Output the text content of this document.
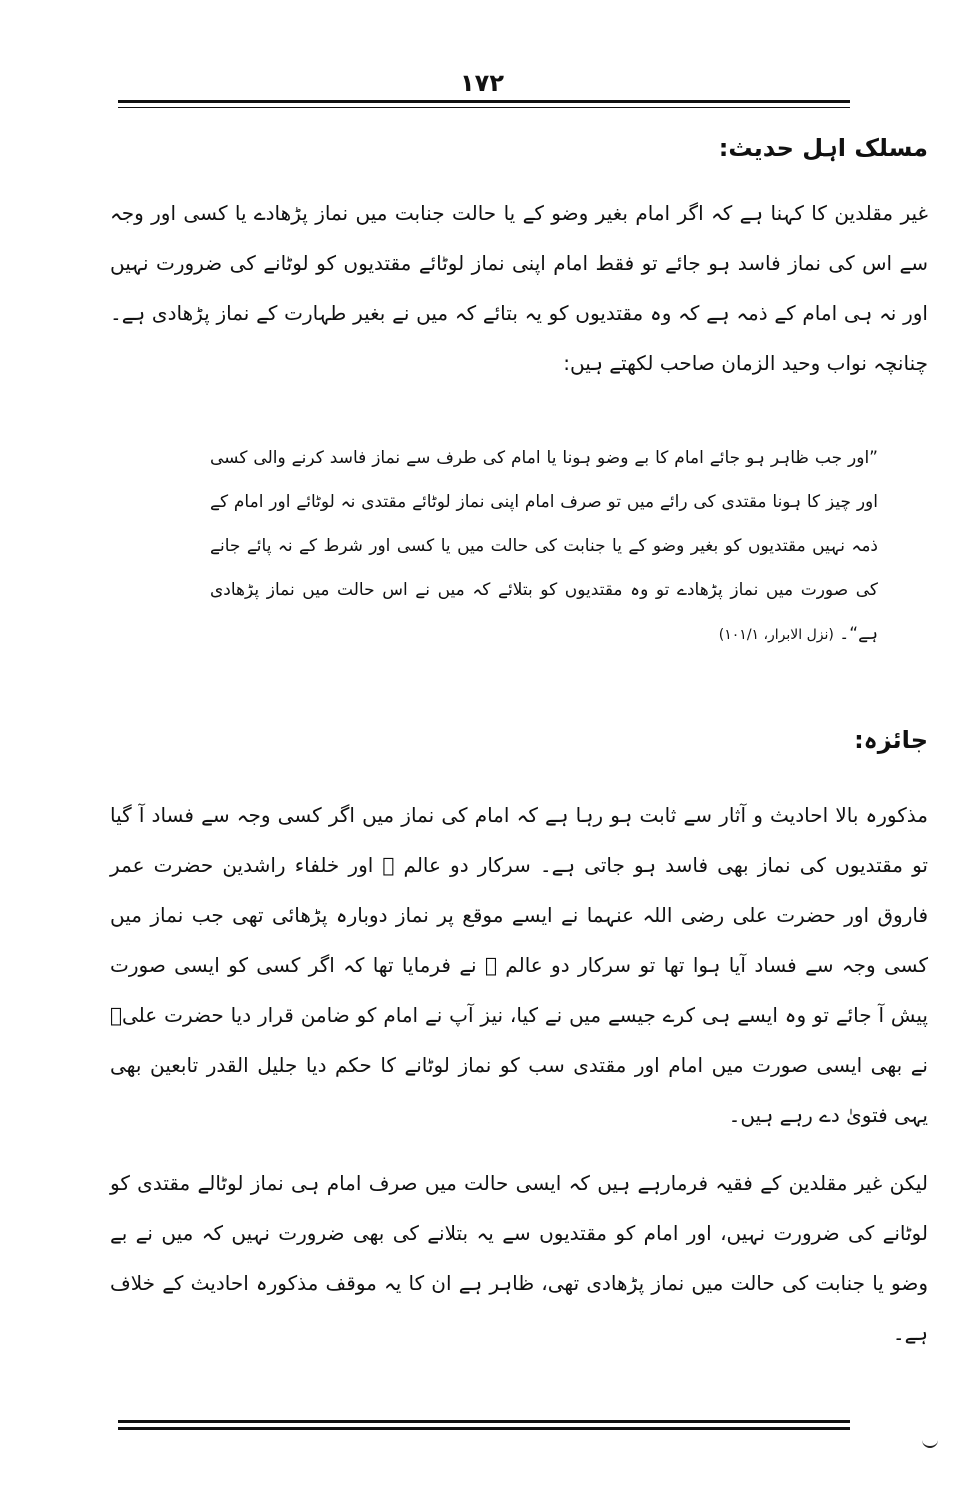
۱۷۲
مسلک اہل حدیث:

غیر مقلدین کا کہنا ہے کہ اگر امام بغیر وضو کے یا حالت جنابت میں نماز پڑھادے یا کسی اور وجہ سے اس کی نماز فاسد ہو جائے تو فقط امام اپنی نماز لوٹائے مقتدیوں کو لوٹانے کی ضرورت نہیں اور نہ ہی امام کے ذمہ ہے کہ وہ مقتدیوں کو یہ بتائے کہ میں نے بغیر طہارت کے نماز پڑھادی ہے۔ چنانچہ نواب وحید الزمان صاحب لکھتے ہیں:

”اور جب ظاہر ہو جائے امام کا بے وضو ہونا یا امام کی طرف سے نماز فاسد کرنے والی کسی اور چیز کا ہونا مقتدی کی رائے میں تو صرف امام اپنی نماز لوٹائے مقتدی نہ لوٹائے اور امام کے ذمہ نہیں مقتدیوں کو بغیر وضو کے یا جنابت کی حالت میں یا کسی اور شرط کے نہ پائے جانے کی صورت میں نماز پڑھادے تو وہ مقتدیوں کو بتلائے کہ میں نے اس حالت میں نماز پڑھادی ہے“۔ (نزل الابرار، ۱۰۱/۱)

جائزہ:

مذکورہ بالا احادیث و آثار سے ثابت ہو رہا ہے کہ امام کی نماز میں اگر کسی وجہ سے فساد آ گیا تو مقتدیوں کی نماز بھی فاسد ہو جاتی ہے۔ سرکار دو عالم ﷺ اور خلفاء راشدین حضرت عمر فاروق اور حضرت علی رضی اللہ عنہما نے ایسے موقع پر نماز دوبارہ پڑھائی تھی جب نماز میں کسی وجہ سے فساد آیا ہوا تھا تو سرکار دو عالم ﷺ نے فرمایا تھا کہ اگر کسی کو ایسی صورت پیش آ جائے تو وہ ایسے ہی کرے جیسے میں نے کیا، نیز آپ نے امام کو ضامن قرار دیا حضرت علیؓ نے بھی ایسی صورت میں امام اور مقتدی سب کو نماز لوٹانے کا حکم دیا جلیل القدر تابعین بھی یہی فتویٰ دے رہے ہیں۔

لیکن غیر مقلدین کے فقیہ فرمارہے ہیں کہ ایسی حالت میں صرف امام ہی نماز لوٹالے مقتدی کو لوٹانے کی ضرورت نہیں، اور امام کو مقتدیوں سے یہ بتلانے کی بھی ضرورت نہیں کہ میں نے بے وضو یا جنابت کی حالت میں نماز پڑھادی تھی، ظاہر ہے ان کا یہ موقف مذکورہ احادیث کے خلاف ہے۔
